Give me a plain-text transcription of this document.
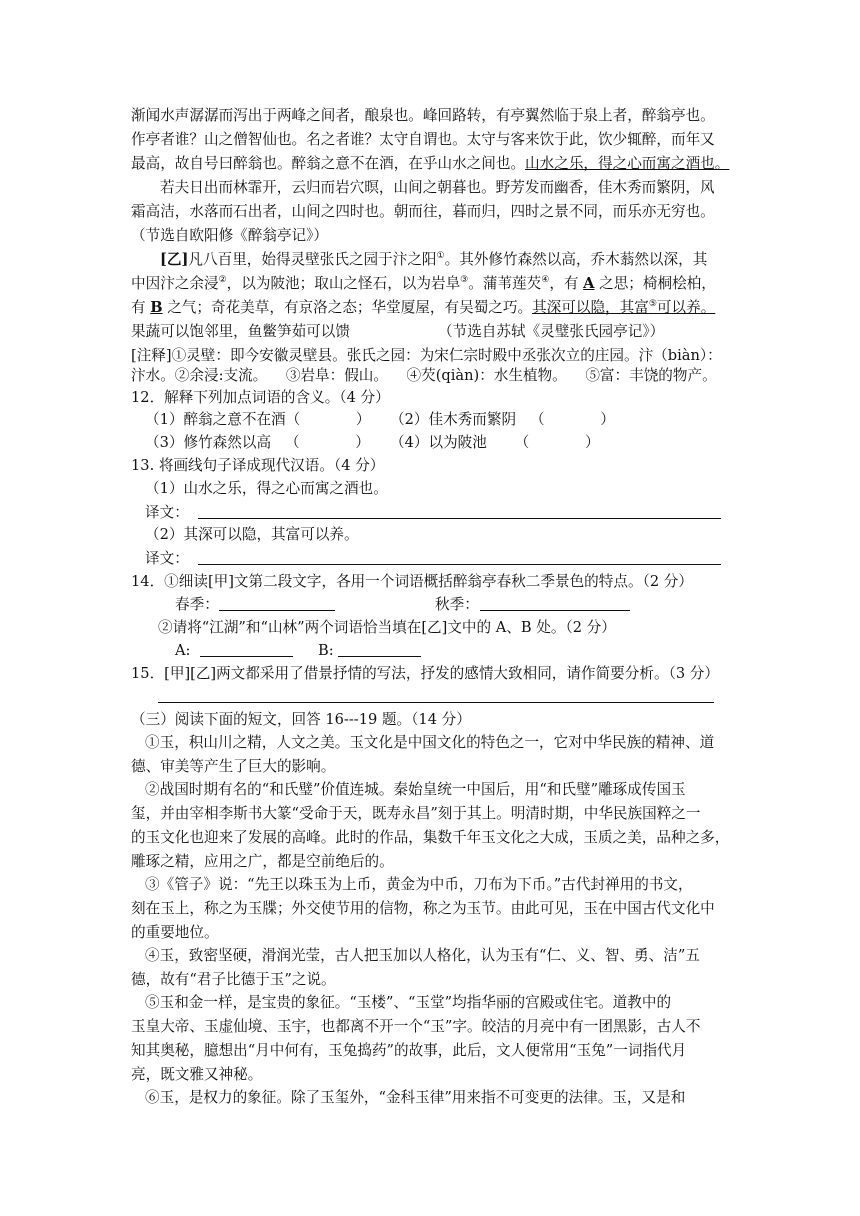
渐闻水声潺潺而泻出于两峰之间者，酿泉也。峰回路转，有亭翼然临于泉上者，醉翁亭也。
作亭者谁？山之僧智仙也。名之者谁？太守自谓也。太守与客来饮于此，饮少辄醉，而年又
最高，故自号曰醉翁也。醉翁之意不在酒，在乎山水之间也。山水之乐，得之心而寓之酒也。
若夫日出而林霏开，云归而岩穴暝，山间之朝暮也。野芳发而幽香，佳木秀而繁阴，风
霜高洁，水落而石出者，山间之四时也。朝而往，暮而归，四时之景不同，而乐亦无穷也。
（节选自欧阳修《醉翁亭记》）
[乙]凡八百里，始得灵壁张氏之园于汴之阳①。其外修竹森然以高，乔木蓊然以深，其
中因汴之余浸②，以为陂池；取山之怪石，以为岩阜③。蒲苇莲芡④，有 A 之思；椅桐桧柏，
有 B 之气；奇花美草，有京洛之态；华堂厦屋，有吴蜀之巧。其深可以隐，其富⑤可以养。
果蔬可以饱邻里，鱼鳖笋茹可以馈	（节选自苏轼《灵璧张氏园亭记》）
[注释]①灵壁：即今安徽灵壁县。张氏之园：为宋仁宗时殿中丞张次立的庄园。汴（biàn）：
汴水。②余浸:支流。    ③岩阜：假山。    ④芡(qiàn)：水生植物。    ⑤富：丰饶的物产。
12．解释下列加点词语的含义。（4 分）
（1）醉翁之意不在酒（            ） （2）佳木秀而繁阴   （            ）
（3）修竹森然以高   （            ） （4）以为陂池      （            ）
13. 将画线句子译成现代汉语。（4 分）
（1）山水之乐，得之心而寓之酒也。
译文：
（2）其深可以隐，其富可以养。
译文：
14．①细读[甲]文第二段文字，各用一个词语概括醉翁亭春秋二季景色的特点。（2 分）
春季：	秋季：
②请将“江湖”和“山林”两个词语恰当填在[乙]文中的 A、B 处。（2 分）
A:	B:
15．[甲][乙]两文都采用了借景抒情的写法，抒发的感情大致相同，请作简要分析。（3 分）
（三）阅读下面的短文，回答 16---19 题。（14 分）
①玉，积山川之精，人文之美。玉文化是中国文化的特色之一，它对中华民族的精神、道
德、审美等产生了巨大的影响。
②战国时期有名的“和氏璧”价值连城。秦始皇统一中国后，用“和氏璧”雕琢成传国玉
玺，并由宰相李斯书大篆“受命于天，既寿永昌”刻于其上。明清时期，中华民族国粹之一
的玉文化也迎来了发展的高峰。此时的作品，集数千年玉文化之大成，玉质之美，品种之多，
雕琢之精，应用之广，都是空前绝后的。
③《管子》说：“先王以珠玉为上币，黄金为中币，刀布为下币。”古代封禅用的书文，
刻在玉上，称之为玉牒；外交使节用的信物，称之为玉节。由此可见，玉在中国古代文化中
的重要地位。
④玉，致密坚硬，滑润光莹，古人把玉加以人格化，认为玉有“仁、义、智、勇、洁”五
德，故有“君子比德于玉”之说。
⑤玉和金一样，是宝贵的象征。“玉楼”、“玉堂”均指华丽的宫殿或住宅。道教中的
玉皇大帝、玉虚仙境、玉宇，也都离不开一个“玉”字。皎洁的月亮中有一团黑影，古人不
知其奥秘，臆想出“月中何有，玉兔捣药”的故事，此后，文人便常用“玉兔”一词指代月
亮，既文雅又神秘。
⑥玉，是权力的象征。除了玉玺外，“金科玉律”用来指不可变更的法律。玉，又是和
